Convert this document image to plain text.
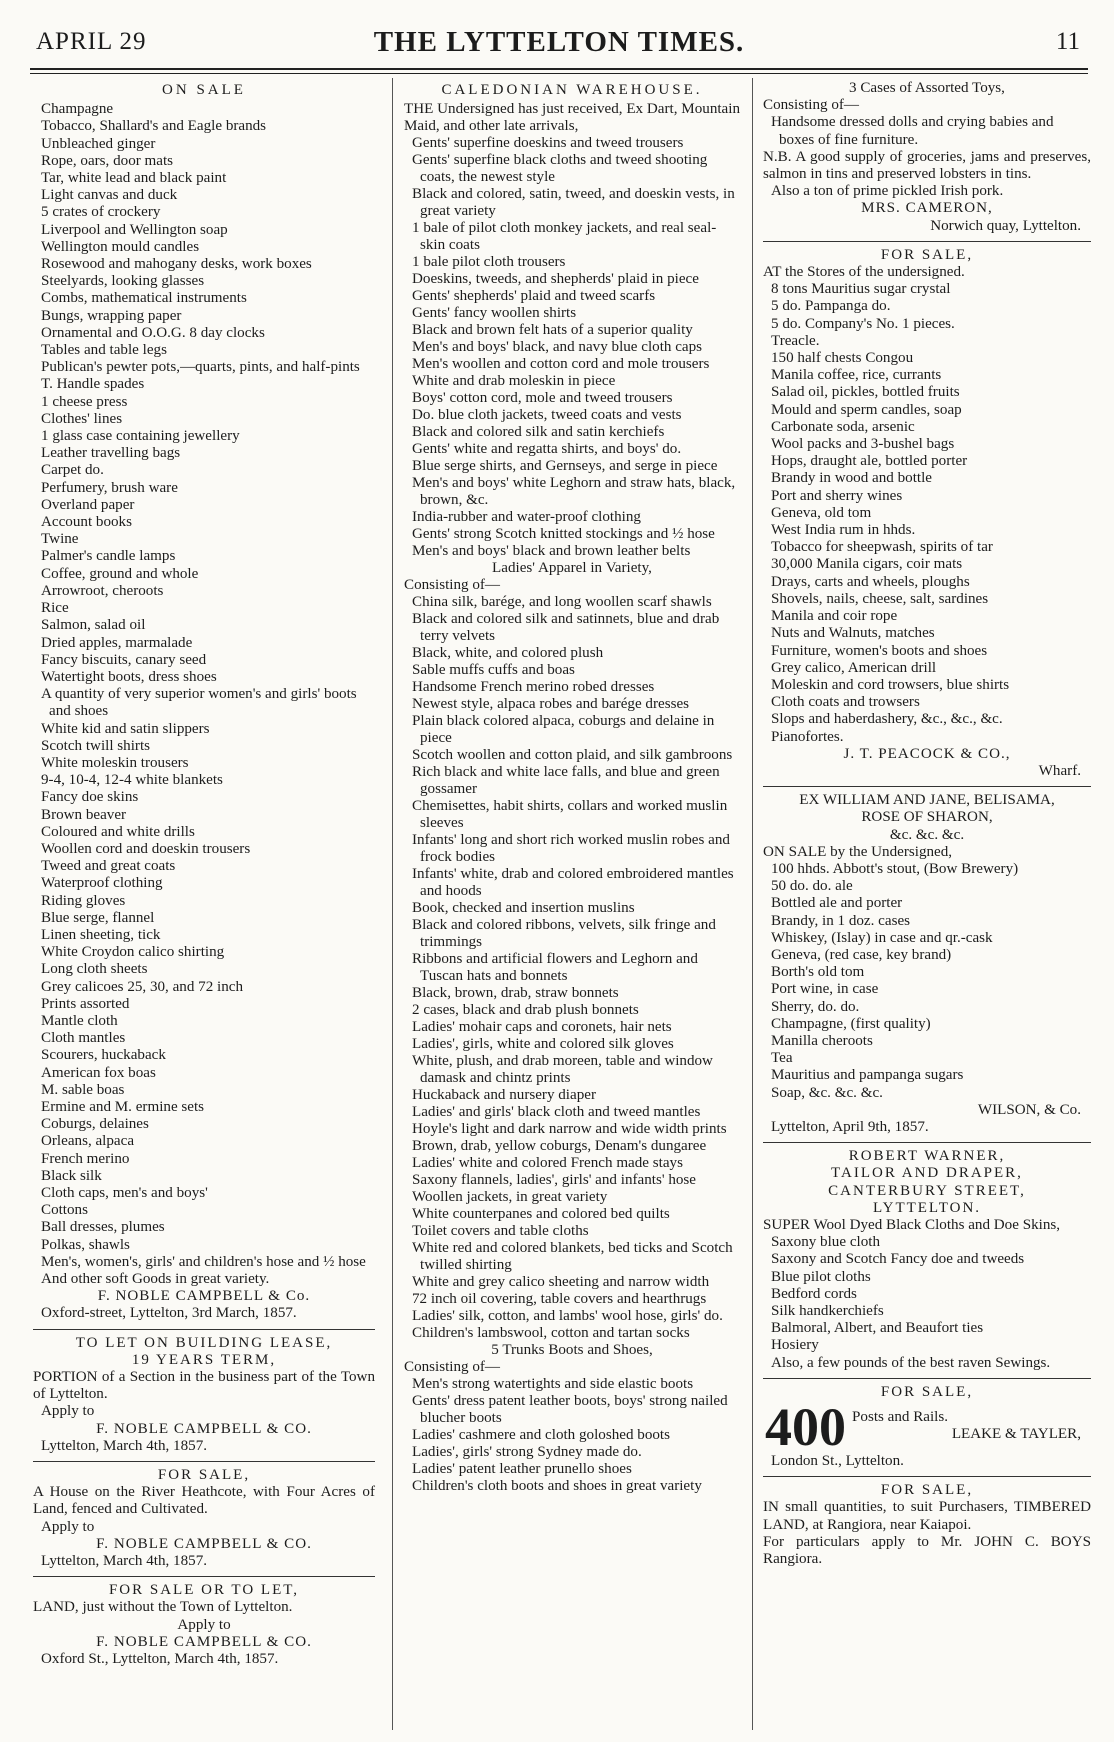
APRIL 29	THE LYTTELTON TIMES.	11
ON SALE
Champagne
Tobacco, Shallard's and Eagle brands
Unbleached ginger
Rope, oars, door mats
Tar, white lead and black paint
Light canvas and duck
5 crates of crockery
Liverpool and Wellington soap
Wellington mould candles
Rosewood and mahogany desks, work boxes
Steelyards, looking glasses
Combs, mathematical instruments
Bungs, wrapping paper
Ornamental and O.O.G. 8 day clocks
Tables and table legs
Publican's pewter pots,—quarts, pints, and half-pints
T. Handle spades
1 cheese press
Clothes' lines
1 glass case containing jewellery
Leather travelling bags
Carpet do.
Perfumery, brush ware
Overland paper
Account books
Twine
Palmer's candle lamps
Coffee, ground and whole
Arrowroot, cheroots
Rice
Salmon, salad oil
Dried apples, marmalade
Fancy biscuits, canary seed
Watertight boots, dress shoes
A quantity of very superior women's and girls' boots and shoes
White kid and satin slippers
Scotch twill shirts
White moleskin trousers
9-4, 10-4, 12-4 white blankets
Fancy doe skins
Brown beaver
Coloured and white drills
Woollen cord and doeskin trousers
Tweed and great coats
Waterproof clothing
Riding gloves
Blue serge, flannel
Linen sheeting, tick
White Croydon calico shirting
Long cloth sheets
Grey calicoes 25, 30, and 72 inch
Prints assorted
Mantle cloth
Cloth mantles
Scourers, huckaback
American fox boas
M. sable boas
Ermine and M. ermine sets
Coburgs, delaines
Orleans, alpaca
French merino
Black silk
Cloth caps, men's and boys'
Cottons
Ball dresses, plumes
Polkas, shawls
Men's, women's, girls' and children's hose and ½ hose
And other soft Goods in great variety.
F. NOBLE CAMPBELL & Co.
Oxford-street, Lyttelton, 3rd March, 1857.
TO LET ON BUILDING LEASE,
19 YEARS TERM,
PORTION of a Section in the business part of the Town of Lyttelton.
Apply to
F. NOBLE CAMPBELL & CO.
Lyttelton, March 4th, 1857.
FOR SALE,
A House on the River Heathcote, with Four Acres of Land, fenced and Cultivated.
Apply to
F. NOBLE CAMPBELL & CO.
Lyttelton, March 4th, 1857.
FOR SALE OR TO LET,
LAND, just without the Town of Lyttelton.
Apply to
F. NOBLE CAMPBELL & CO.
Oxford St., Lyttelton, March 4th, 1857.
CALEDONIAN WAREHOUSE.
THE Undersigned has just received, Ex Dart, Mountain Maid, and other late arrivals,
Gents' superfine doeskins and tweed trousers
Gents' superfine black cloths and tweed shooting coats, the newest style
Black and colored, satin, tweed, and doeskin vests, in great variety
1 bale of pilot cloth monkey jackets, and real seal-skin coats
1 bale pilot cloth trousers
Doeskins, tweeds, and shepherds' plaid in piece
Gents' shepherds' plaid and tweed scarfs
Gents' fancy woollen shirts
Black and brown felt hats of a superior quality
Men's and boys' black, and navy blue cloth caps
Men's woollen and cotton cord and mole trousers
White and drab moleskin in piece
Boys' cotton cord, mole and tweed trousers
Do. blue cloth jackets, tweed coats and vests
Black and colored silk and satin kerchiefs
Gents' white and regatta shirts, and boys' do.
Blue serge shirts, and Gernseys, and serge in piece
Men's and boys' white Leghorn and straw hats, black, brown, &c.
India-rubber and water-proof clothing
Gents' strong Scotch knitted stockings and ½ hose
Men's and boys' black and brown leather belts
Ladies' Apparel in Variety,
Consisting of—
China silk, barége, and long woollen scarf shawls
Black and colored silk and satinnets, blue and drab terry velvets
Black, white, and colored plush
Sable muffs cuffs and boas
Handsome French merino robed dresses
Newest style, alpaca robes and barége dresses
Plain black colored alpaca, coburgs and delaine in piece
Scotch woollen and cotton plaid, and silk gambroons
Rich black and white lace falls, and blue and green gossamer
Chemisettes, habit shirts, collars and worked muslin sleeves
Infants' long and short rich worked muslin robes and frock bodies
Infants' white, drab and colored embroidered mantles and hoods
Book, checked and insertion muslins
Black and colored ribbons, velvets, silk fringe and trimmings
Ribbons and artificial flowers and Leghorn and Tuscan hats and bonnets
Black, brown, drab, straw bonnets
2 cases, black and drab plush bonnets
Ladies' mohair caps and coronets, hair nets
Ladies', girls, white and colored silk gloves
White, plush, and drab moreen, table and window damask and chintz prints
Huckaback and nursery diaper
Ladies' and girls' black cloth and tweed mantles
Hoyle's light and dark narrow and wide width prints
Brown, drab, yellow coburgs, Denam's dungaree
Ladies' white and colored French made stays
Saxony flannels, ladies', girls' and infants' hose
Woollen jackets, in great variety
White counterpanes and colored bed quilts
Toilet covers and table cloths
White red and colored blankets, bed ticks and Scotch twilled shirting
White and grey calico sheeting and narrow width
72 inch oil covering, table covers and hearthrugs
Ladies' silk, cotton, and lambs' wool hose, girls' do.
Children's lambswool, cotton and tartan socks
5 Trunks Boots and Shoes,
Consisting of—
Men's strong watertights and side elastic boots
Gents' dress patent leather boots, boys' strong nailed blucher boots
Ladies' cashmere and cloth goloshed boots
Ladies', girls' strong Sydney made do.
Ladies' patent leather prunello shoes
Children's cloth boots and shoes in great variety
3 Cases of Assorted Toys,
Consisting of—
Handsome dressed dolls and crying babies and boxes of fine furniture.
N.B. A good supply of groceries, jams and preserves, salmon in tins and preserved lobsters in tins.
Also a ton of prime pickled Irish pork.
MRS. CAMERON,
Norwich quay, Lyttelton.
FOR SALE,
AT the Stores of the undersigned.
8 tons Mauritius sugar crystal
5 do. Pampanga do.
5 do. Company's No. 1 pieces.
Treacle.
150 half chests Congou
Manila coffee, rice, currants
Salad oil, pickles, bottled fruits
Mould and sperm candles, soap
Carbonate soda, arsenic
Wool packs and 3-bushel bags
Hops, draught ale, bottled porter
Brandy in wood and bottle
Port and sherry wines
Geneva, old tom
West India rum in hhds.
Tobacco for sheepwash, spirits of tar
30,000 Manila cigars, coir mats
Drays, carts and wheels, ploughs
Shovels, nails, cheese, salt, sardines
Manila and coir rope
Nuts and Walnuts, matches
Furniture, women's boots and shoes
Grey calico, American drill
Moleskin and cord trowsers, blue shirts
Cloth coats and trowsers
Slops and haberdashery, &c., &c., &c.
Pianofortes.
J. T. PEACOCK & CO.,
Wharf.
EX WILLIAM AND JANE, BELISAMA,
ROSE OF SHARON,
&c. &c. &c.
ON SALE by the Undersigned,
100 hhds. Abbott's stout, (Bow Brewery)
50 do. do. ale
Bottled ale and porter
Brandy, in 1 doz. cases
Whiskey, (Islay) in case and qr.-cask
Geneva, (red case, key brand)
Borth's old tom
Port wine, in case
Sherry, do. do.
Champagne, (first quality)
Manilla cheroots
Tea
Mauritius and pampanga sugars
Soap, &c. &c. &c.
WILSON, & Co.
Lyttelton, April 9th, 1857.
ROBERT WARNER,
TAILOR AND DRAPER,
CANTERBURY STREET,
LYTTELTON.
SUPER Wool Dyed Black Cloths and Doe Skins,
Saxony blue cloth
Saxony and Scotch Fancy doe and tweeds
Blue pilot cloths
Bedford cords
Silk handkerchiefs
Balmoral, Albert, and Beaufort ties
Hosiery
Also, a few pounds of the best raven Sewings.
FOR SALE,
400 Posts and Rails.
LEAKE & TAYLER,
London St., Lyttelton.
FOR SALE,
IN small quantities, to suit Purchasers, TIMBERED LAND, at Rangiora, near Kaiapoi.
For particulars apply to Mr. JOHN C. BOYS Rangiora.
